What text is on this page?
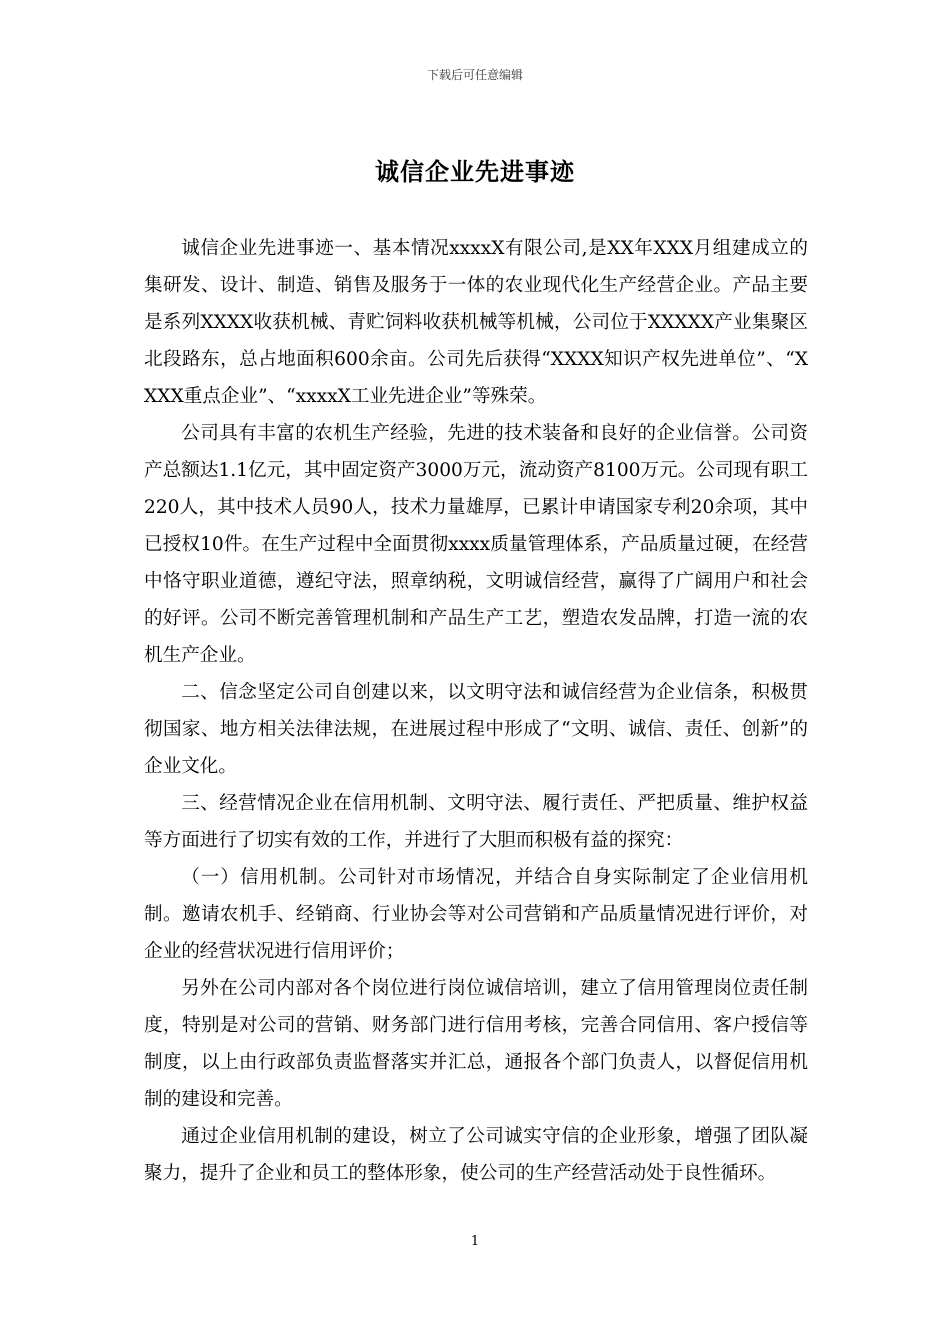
下载后可任意编辑
诚信企业先进事迹

诚信企业先进事迹一、基本情况xxxxX有限公司,是XX年XXX月组建成立的集研发、设计、制造、销售及服务于一体的农业现代化生产经营企业。产品主要是系列XXXX收获机械、青贮饲料收获机械等机械，公司位于XXXXX产业集聚区北段路东，总占地面积600余亩。公司先后获得“XXXX知识产权先进单位”、“XXXX重点企业”、“xxxxX工业先进企业”等殊荣。

公司具有丰富的农机生产经验，先进的技术装备和良好的企业信誉。公司资产总额达1.1亿元，其中固定资产3000万元，流动资产8100万元。公司现有职工220人，其中技术人员90人，技术力量雄厚，已累计申请国家专利20余项，其中已授权10件。在生产过程中全面贯彻xxxx质量管理体系，产品质量过硬，在经营中恪守职业道德，遵纪守法，照章纳税，文明诚信经营，赢得了广阔用户和社会的好评。公司不断完善管理机制和产品生产工艺，塑造农发品牌，打造一流的农机生产企业。

二、信念坚定公司自创建以来，以文明守法和诚信经营为企业信条，积极贯彻国家、地方相关法律法规，在进展过程中形成了“文明、诚信、责任、创新”的企业文化。

三、经营情况企业在信用机制、文明守法、履行责任、严把质量、维护权益等方面进行了切实有效的工作，并进行了大胆而积极有益的探究：

（一）信用机制。公司针对市场情况，并结合自身实际制定了企业信用机制。邀请农机手、经销商、行业协会等对公司营销和产品质量情况进行评价，对企业的经营状况进行信用评价；

另外在公司内部对各个岗位进行岗位诚信培训，建立了信用管理岗位责任制度，特别是对公司的营销、财务部门进行信用考核，完善合同信用、客户授信等制度，以上由行政部负责监督落实并汇总，通报各个部门负责人，以督促信用机制的建设和完善。

通过企业信用机制的建设，树立了公司诚实守信的企业形象，增强了团队凝聚力，提升了企业和员工的整体形象，使公司的生产经营活动处于良性循环。

1
